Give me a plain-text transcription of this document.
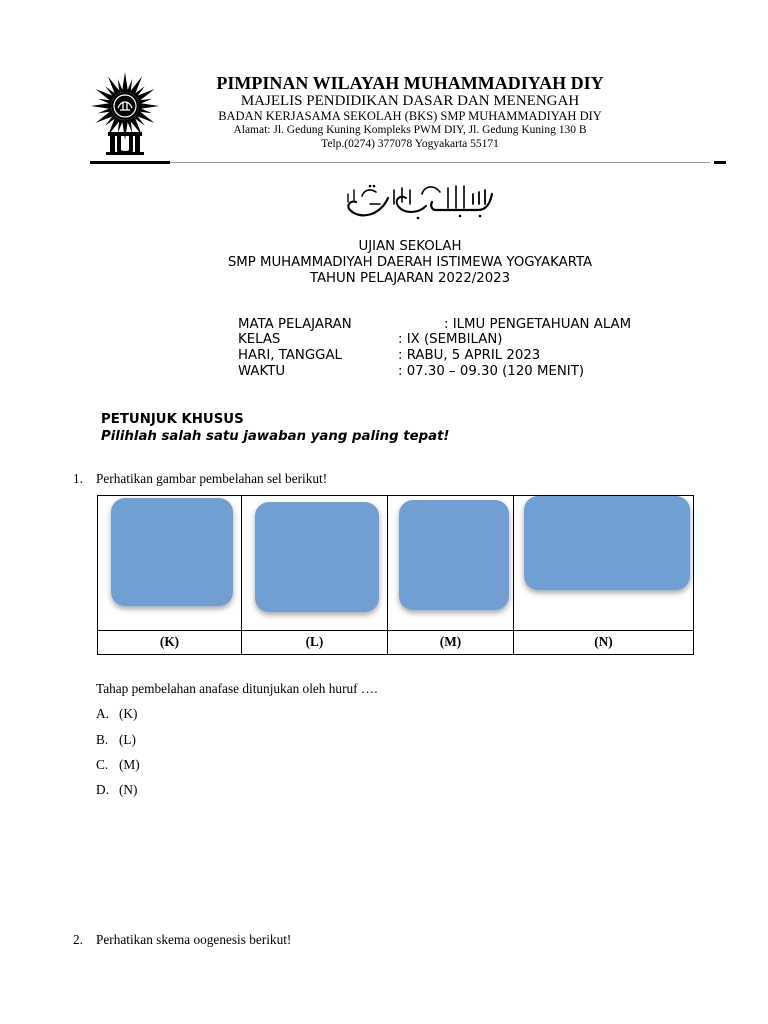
PIMPINAN WILAYAH MUHAMMADIYAH DIY
MAJELIS PENDIDIKAN DASAR DAN MENENGAH
BADAN KERJASAMA SEKOLAH (BKS) SMP MUHAMMADIYAH DIY
Alamat: Jl. Gedung Kuning Kompleks PWM DIY, Jl. Gedung Kuning 130 B
Telp.(0274) 377078 Yogyakarta 55171
UJIAN SEKOLAH
SMP MUHAMMADIYAH DAERAH ISTIMEWA YOGYAKARTA
TAHUN PELAJARAN 2022/2023
MATA PELAJARAN	: ILMU PENGETAHUAN ALAM
KELAS	: IX (SEMBILAN)
HARI, TANGGAL	: RABU, 5 APRIL 2023
WAKTU	: 07.30 – 09.30 (120 MENIT)
PETUNJUK KHUSUS
Pilihlah salah satu jawaban yang paling tepat!
1. Perhatikan gambar pembelahan sel berikut!
(K)	(L)	(M)	(N)
Tahap pembelahan anafase ditunjukan oleh huruf ….
A. (K)
B. (L)
C. (M)
D. (N)
2. Perhatikan skema oogenesis berikut!
